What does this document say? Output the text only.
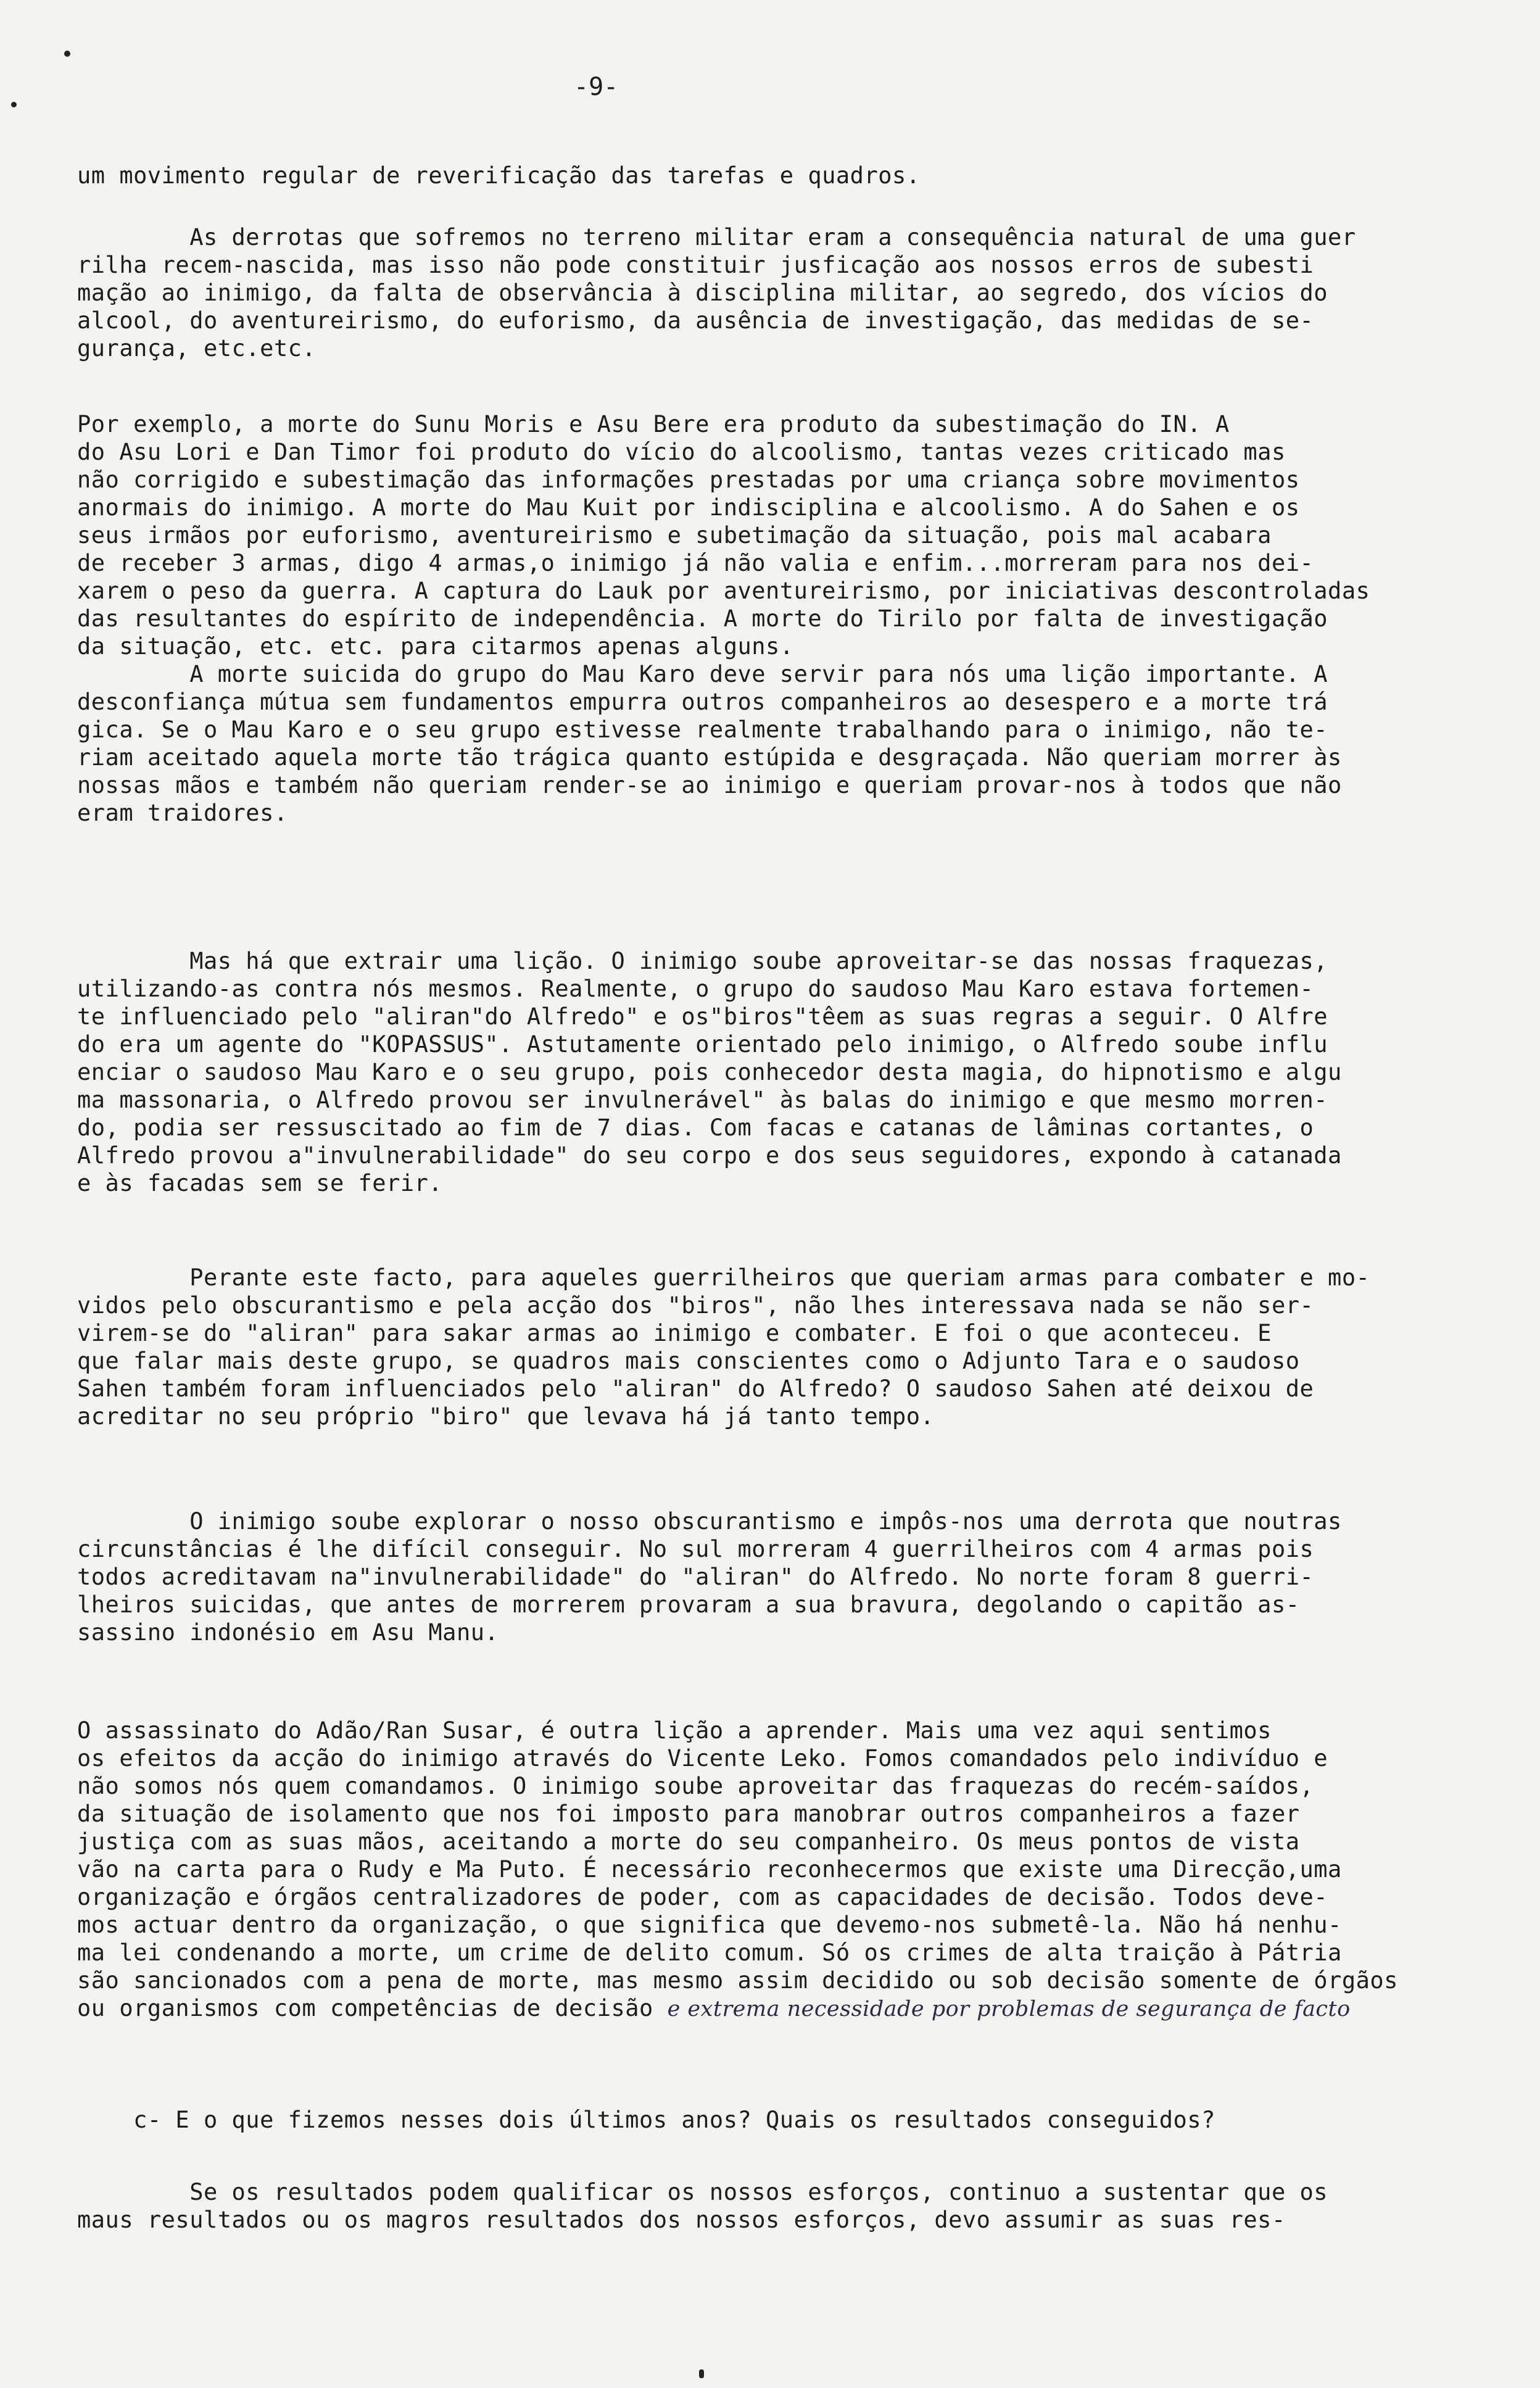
-9-

um movimento regular de reverificação das tarefas e quadros.

As derrotas que sofremos no terreno militar eram a consequência natural de uma guer

rilha recem-nascida, mas isso não pode constituir jusficação aos nossos erros de subesti

mação ao inimigo, da falta de observância à disciplina militar, ao segredo, dos vícios do

alcool, do aventureirismo, do euforismo, da ausência de investigação, das medidas de se-

gurança, etc.etc.

Por exemplo, a morte do Sunu Moris e Asu Bere era produto da subestimação do IN. A

do Asu Lori e Dan Timor foi produto do vício do alcoolismo, tantas vezes criticado mas

não corrigido e subestimação das informações prestadas por uma criança sobre movimentos

anormais do inimigo. A morte do Mau Kuit por indisciplina e alcoolismo. A do Sahen e os

seus irmãos por euforismo, aventureirismo e subetimação da situação, pois mal acabara

de receber 3 armas, digo 4 armas,o inimigo já não valia e enfim...morreram para nos dei-

xarem o peso da guerra. A captura do Lauk por aventureirismo, por iniciativas descontroladas

das resultantes do espírito de independência. A morte do Tirilo por falta de investigação

da situação, etc. etc. para citarmos apenas alguns.

A morte suicida do grupo do Mau Karo deve servir para nós uma lição importante. A

desconfiança mútua sem fundamentos empurra outros companheiros ao desespero e a morte trá

gica. Se o Mau Karo e o seu grupo estivesse realmente trabalhando para o inimigo, não te-

riam aceitado aquela morte tão trágica quanto estúpida e desgraçada. Não queriam morrer às

nossas mãos e também não queriam render-se ao inimigo e queriam provar-nos à todos que não

eram traidores.

Mas há que extrair uma lição. O inimigo soube aproveitar-se das nossas fraquezas,

utilizando-as contra nós mesmos. Realmente, o grupo do saudoso Mau Karo estava fortemen-

te influenciado pelo "aliran"do Alfredo" e os"biros"têem as suas regras a seguir. O Alfre

do era um agente do "KOPASSUS". Astutamente orientado pelo inimigo, o Alfredo soube influ

enciar o saudoso Mau Karo e o seu grupo, pois conhecedor desta magia, do hipnotismo e algu

ma massonaria, o Alfredo provou ser invulnerável" às balas do inimigo e que mesmo morren-

do, podia ser ressuscitado ao fim de 7 dias. Com facas e catanas de lâminas cortantes, o

Alfredo provou a"invulnerabilidade" do seu corpo e dos seus seguidores, expondo à catanada

e às facadas sem se ferir.

Perante este facto, para aqueles guerrilheiros que queriam armas para combater e mo-

vidos pelo obscurantismo e pela acção dos "biros", não lhes interessava nada se não ser-

virem-se do "aliran" para sakar armas ao inimigo e combater. E foi o que aconteceu. E

que falar mais deste grupo, se quadros mais conscientes como o Adjunto Tara e o saudoso

Sahen também foram influenciados pelo "aliran" do Alfredo? O saudoso Sahen até deixou de

acreditar no seu próprio "biro" que levava há já tanto tempo.

O inimigo soube explorar o nosso obscurantismo e impôs-nos uma derrota que noutras

circunstâncias é lhe difícil conseguir. No sul morreram 4 guerrilheiros com 4 armas pois

todos acreditavam na"invulnerabilidade" do "aliran" do Alfredo. No norte foram 8 guerri-

lheiros suicidas, que antes de morrerem provaram a sua bravura, degolando o capitão as-

sassino indonésio em Asu Manu.

O assassinato do Adão/Ran Susar, é outra lição a aprender. Mais uma vez aqui sentimos

os efeitos da acção do inimigo através do Vicente Leko. Fomos comandados pelo indivíduo e

não somos nós quem comandamos. O inimigo soube aproveitar das fraquezas do recém-saídos,

da situação de isolamento que nos foi imposto para manobrar outros companheiros a fazer

justiça com as suas mãos, aceitando a morte do seu companheiro. Os meus pontos de vista

vão na carta para o Rudy e Ma Puto. É necessário reconhecermos que existe uma Direcção,uma

organização e órgãos centralizadores de poder, com as capacidades de decisão. Todos deve-

mos actuar dentro da organização, o que significa que devemo-nos submetê-la. Não há nenhu-

ma lei condenando a morte, um crime de delito comum. Só os crimes de alta traição à Pátria

são sancionados com a pena de morte, mas mesmo assim decidido ou sob decisão somente de órgãos

ou organismos com competências de decisão e extrema necessidade por problemas de segurança de facto

c- E o que fizemos nesses dois últimos anos? Quais os resultados conseguidos?

Se os resultados podem qualificar os nossos esforços, continuo a sustentar que os

maus resultados ou os magros resultados dos nossos esforços, devo assumir as suas res-
